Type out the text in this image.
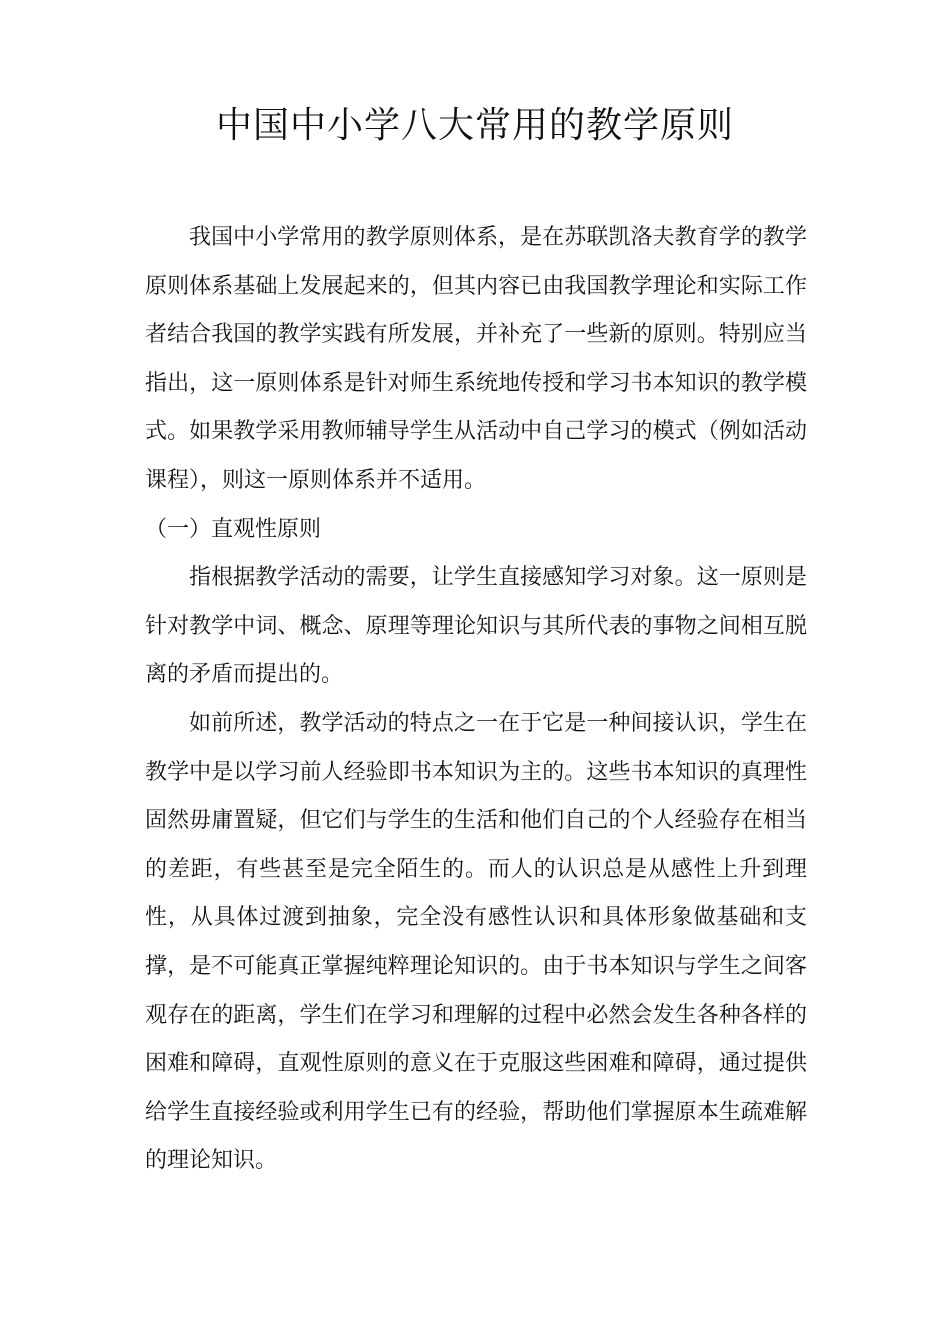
中国中小学八大常用的教学原则

我国中小学常用的教学原则体系，是在苏联凯洛夫教育学的教学原则体系基础上发展起来的，但其内容已由我国教学理论和实际工作者结合我国的教学实践有所发展，并补充了一些新的原则。特别应当指出，这一原则体系是针对师生系统地传授和学习书本知识的教学模式。如果教学采用教师辅导学生从活动中自己学习的模式（例如活动课程），则这一原则体系并不适用。

（一）直观性原则

指根据教学活动的需要，让学生直接感知学习对象。这一原则是针对教学中词、概念、原理等理论知识与其所代表的事物之间相互脱离的矛盾而提出的。

如前所述，教学活动的特点之一在于它是一种间接认识，学生在教学中是以学习前人经验即书本知识为主的。这些书本知识的真理性固然毋庸置疑，但它们与学生的生活和他们自己的个人经验存在相当的差距，有些甚至是完全陌生的。而人的认识总是从感性上升到理性，从具体过渡到抽象，完全没有感性认识和具体形象做基础和支撑，是不可能真正掌握纯粹理论知识的。由于书本知识与学生之间客观存在的距离，学生们在学习和理解的过程中必然会发生各种各样的困难和障碍，直观性原则的意义在于克服这些困难和障碍，通过提供给学生直接经验或利用学生已有的经验，帮助他们掌握原本生疏难解的理论知识。
